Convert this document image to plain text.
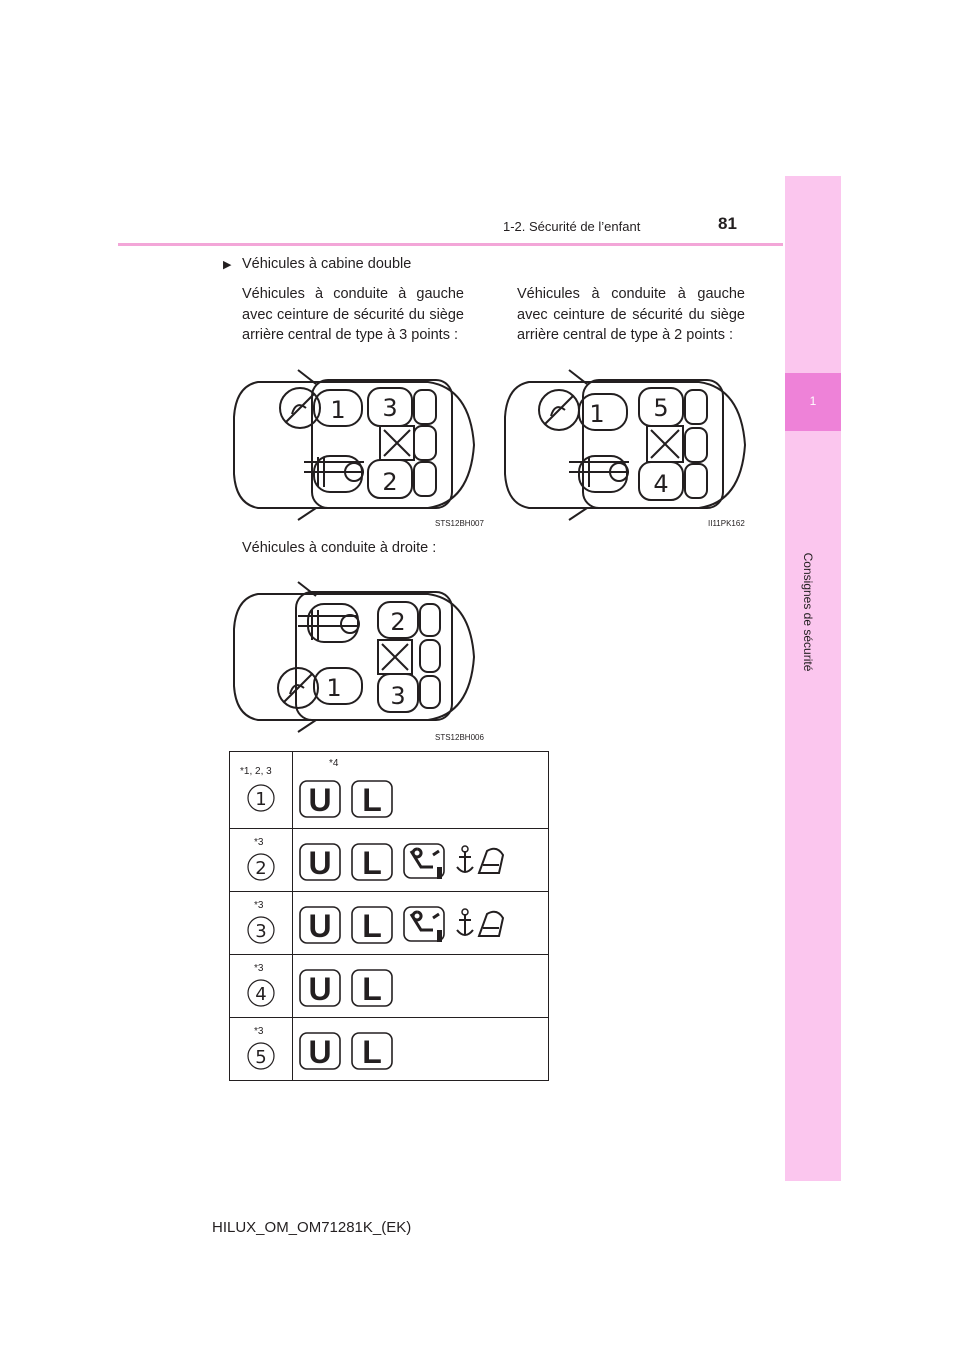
1
Consignes de sécurité
1-2. Sécurité de l’enfant	81
▶ Véhicules à cabine double
Véhicules à conduite à gauche avec ceinture de sécurité du siège arrière central de type à 3 points :
Véhicules à conduite à gauche avec ceinture de sécurité du siège arrière central de type à 2 points :
Véhicules à conduite à droite :
STS12BH007	II11PK162
STS12BH006
1 3
2
1 5
4
2
1 3
*1, 2, 3
1	*4
U L

*3
2	U L

*3
3	U L

*3
4	U L

*3
5	U L
HILUX_OM_OM71281K_(EK)
